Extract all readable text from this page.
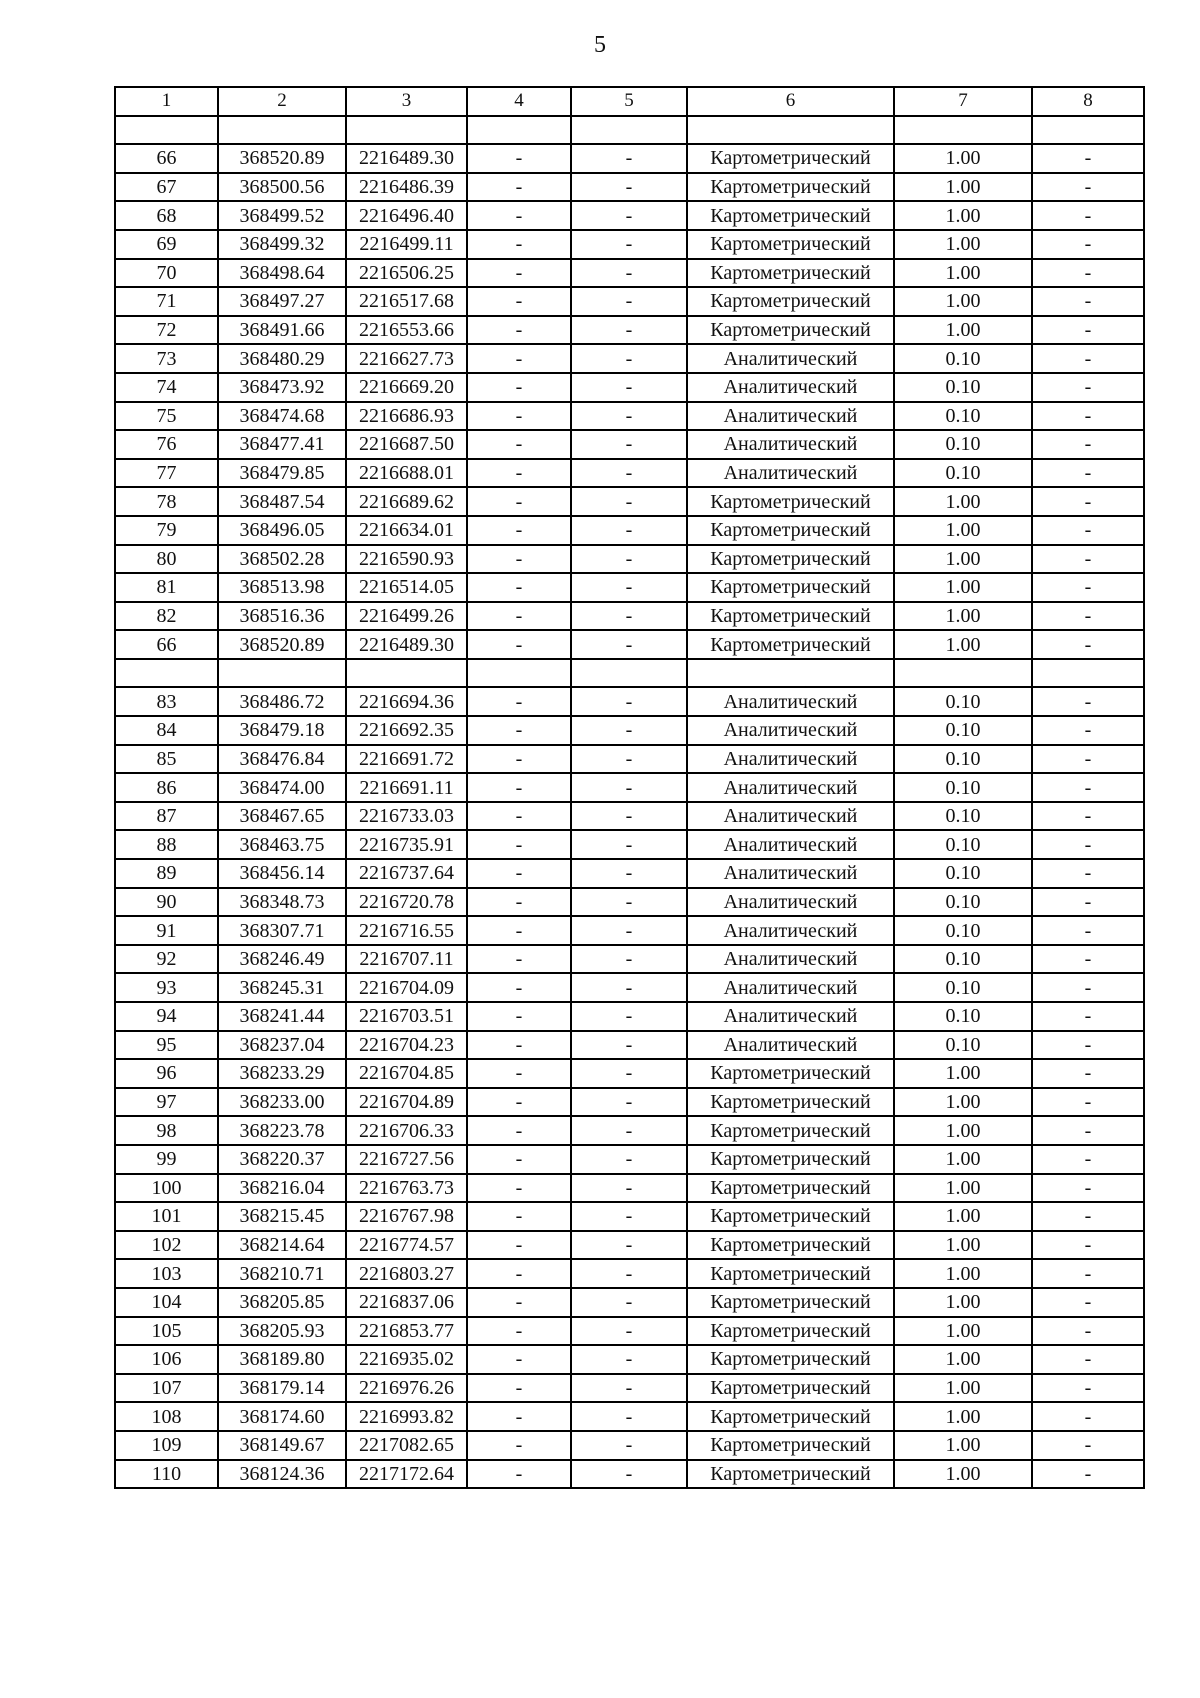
5
1	2	3	4	5	6	7	8

66	368520.89	2216489.30	-	-	Картометрический	1.00	-
67	368500.56	2216486.39	-	-	Картометрический	1.00	-
68	368499.52	2216496.40	-	-	Картометрический	1.00	-
69	368499.32	2216499.11	-	-	Картометрический	1.00	-
70	368498.64	2216506.25	-	-	Картометрический	1.00	-
71	368497.27	2216517.68	-	-	Картометрический	1.00	-
72	368491.66	2216553.66	-	-	Картометрический	1.00	-
73	368480.29	2216627.73	-	-	Аналитический	0.10	-
74	368473.92	2216669.20	-	-	Аналитический	0.10	-
75	368474.68	2216686.93	-	-	Аналитический	0.10	-
76	368477.41	2216687.50	-	-	Аналитический	0.10	-
77	368479.85	2216688.01	-	-	Аналитический	0.10	-
78	368487.54	2216689.62	-	-	Картометрический	1.00	-
79	368496.05	2216634.01	-	-	Картометрический	1.00	-
80	368502.28	2216590.93	-	-	Картометрический	1.00	-
81	368513.98	2216514.05	-	-	Картометрический	1.00	-
82	368516.36	2216499.26	-	-	Картометрический	1.00	-
66	368520.89	2216489.30	-	-	Картометрический	1.00	-

83	368486.72	2216694.36	-	-	Аналитический	0.10	-
84	368479.18	2216692.35	-	-	Аналитический	0.10	-
85	368476.84	2216691.72	-	-	Аналитический	0.10	-
86	368474.00	2216691.11	-	-	Аналитический	0.10	-
87	368467.65	2216733.03	-	-	Аналитический	0.10	-
88	368463.75	2216735.91	-	-	Аналитический	0.10	-
89	368456.14	2216737.64	-	-	Аналитический	0.10	-
90	368348.73	2216720.78	-	-	Аналитический	0.10	-
91	368307.71	2216716.55	-	-	Аналитический	0.10	-
92	368246.49	2216707.11	-	-	Аналитический	0.10	-
93	368245.31	2216704.09	-	-	Аналитический	0.10	-
94	368241.44	2216703.51	-	-	Аналитический	0.10	-
95	368237.04	2216704.23	-	-	Аналитический	0.10	-
96	368233.29	2216704.85	-	-	Картометрический	1.00	-
97	368233.00	2216704.89	-	-	Картометрический	1.00	-
98	368223.78	2216706.33	-	-	Картометрический	1.00	-
99	368220.37	2216727.56	-	-	Картометрический	1.00	-
100	368216.04	2216763.73	-	-	Картометрический	1.00	-
101	368215.45	2216767.98	-	-	Картометрический	1.00	-
102	368214.64	2216774.57	-	-	Картометрический	1.00	-
103	368210.71	2216803.27	-	-	Картометрический	1.00	-
104	368205.85	2216837.06	-	-	Картометрический	1.00	-
105	368205.93	2216853.77	-	-	Картометрический	1.00	-
106	368189.80	2216935.02	-	-	Картометрический	1.00	-
107	368179.14	2216976.26	-	-	Картометрический	1.00	-
108	368174.60	2216993.82	-	-	Картометрический	1.00	-
109	368149.67	2217082.65	-	-	Картометрический	1.00	-
110	368124.36	2217172.64	-	-	Картометрический	1.00	-
